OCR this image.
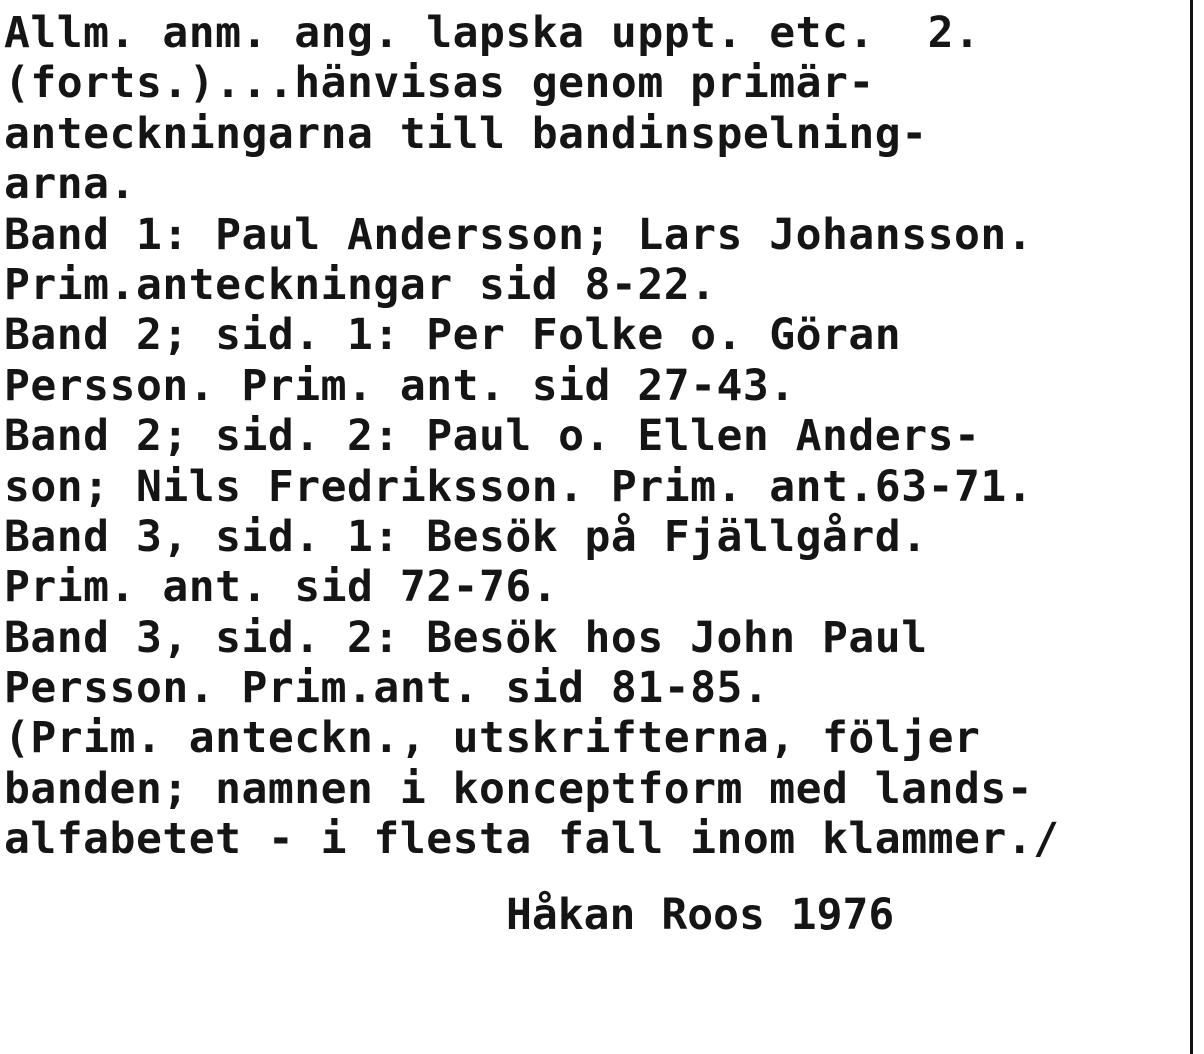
Allm. anm. ang. lapska uppt. etc.  2.
(forts.)...hänvisas genom primär-
anteckningarna till bandinspelning-
arna.
Band 1: Paul Andersson; Lars Johansson.
Prim.anteckningar sid 8-22.
Band 2; sid. 1: Per Folke o. Göran
Persson. Prim. ant. sid 27-43.
Band 2; sid. 2: Paul o. Ellen Anders-
son; Nils Fredriksson. Prim. ant.63-71.
Band 3, sid. 1: Besök på Fjällgård.
Prim. ant. sid 72-76.
Band 3, sid. 2: Besök hos John Paul
Persson. Prim.ant. sid 81-85.
(Prim. anteckn., utskrifterna, följer
banden; namnen i konceptform med lands-
alfabetet - i flesta fall inom klammer./
Håkan Roos 1976
